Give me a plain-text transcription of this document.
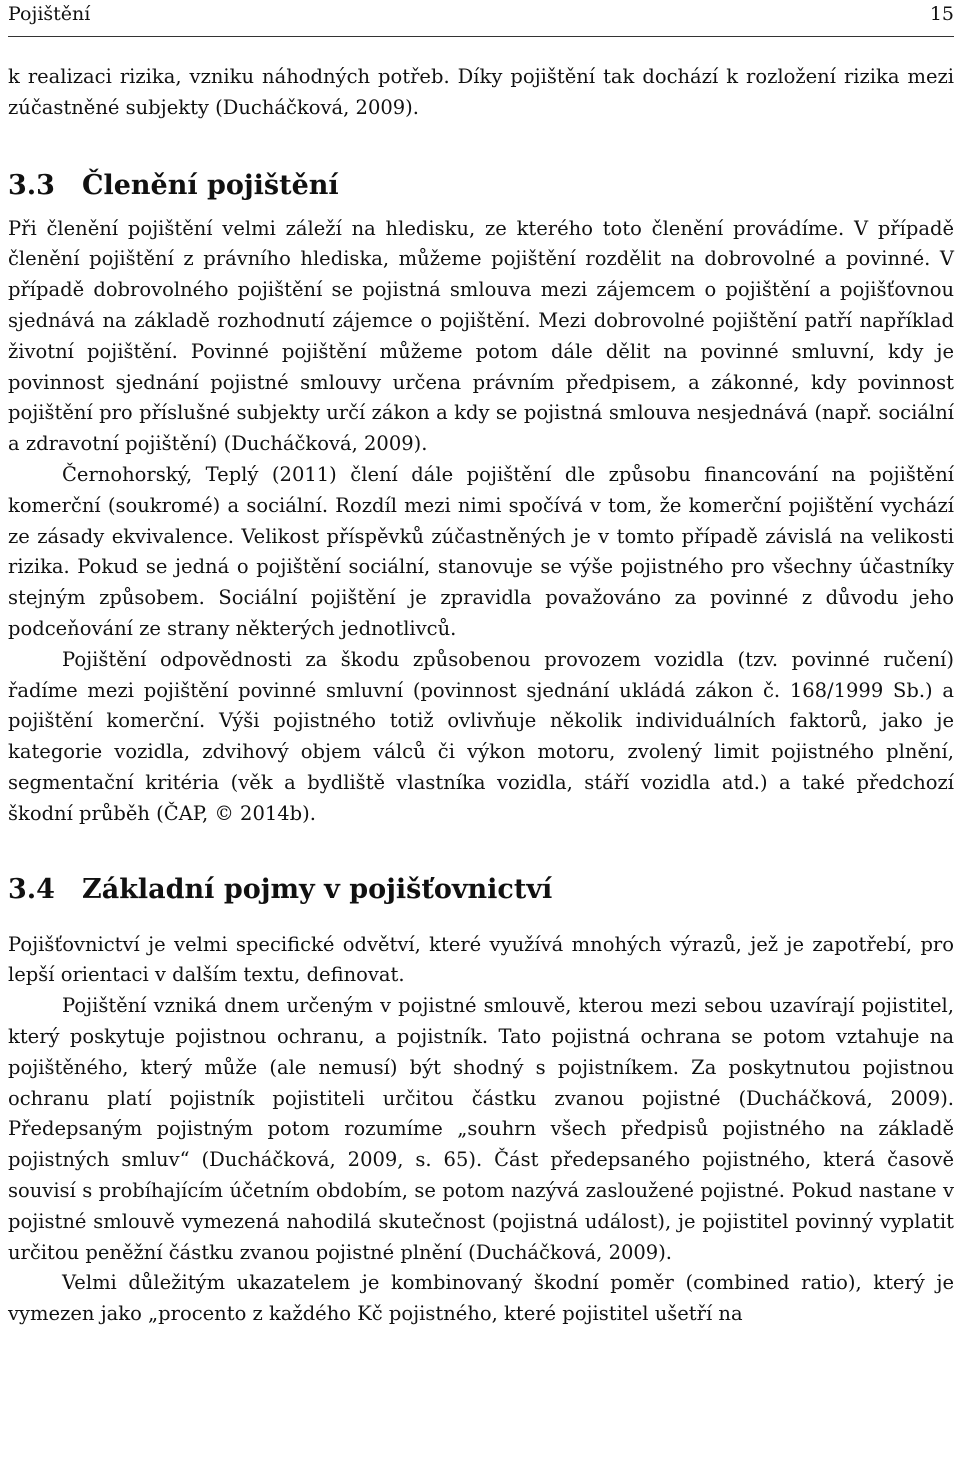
Pojištění	15

k realizaci rizika, vzniku náhodných potřeb. Díky pojištění tak dochází k rozložení rizika mezi zúčastněné subjekty (Ducháčková, 2009).

3.3 Členění pojištění

Při členění pojištění velmi záleží na hledisku, ze kterého toto členění provádíme. V případě členění pojištění z právního hlediska, můžeme pojištění rozdělit na dobrovolné a povinné. V případě dobrovolného pojištění se pojistná smlouva mezi zájemcem o pojištění a pojišťovnou sjednává na základě rozhodnutí zájemce o pojištění. Mezi dobrovolné pojištění patří například životní pojištění. Povinné pojištění můžeme potom dále dělit na povinné smluvní, kdy je povinnost sjednání pojistné smlouvy určena právním předpisem, a zákonné, kdy povinnost pojištění pro příslušné subjekty určí zákon a kdy se pojistná smlouva nesjednává (např. sociální a zdravotní pojištění) (Ducháčková, 2009).

Černohorský, Teplý (2011) člení dále pojištění dle způsobu financování na pojištění komerční (soukromé) a sociální. Rozdíl mezi nimi spočívá v tom, že komerční pojištění vychází ze zásady ekvivalence. Velikost příspěvků zúčastněných je v tomto případě závislá na velikosti rizika. Pokud se jedná o pojištění sociální, stanovuje se výše pojistného pro všechny účastníky stejným způsobem. Sociální pojištění je zpravidla považováno za povinné z důvodu jeho podceňování ze strany některých jednotlivců.

Pojištění odpovědnosti za škodu způsobenou provozem vozidla (tzv. povinné ručení) řadíme mezi pojištění povinné smluvní (povinnost sjednání ukládá zákon č. 168/1999 Sb.) a pojištění komerční. Výši pojistného totiž ovlivňuje několik individuálních faktorů, jako je kategorie vozidla, zdvihový objem válců či výkon motoru, zvolený limit pojistného plnění, segmentační kritéria (věk a bydliště vlastníka vozidla, stáří vozidla atd.) a také předchozí škodní průběh (ČAP, © 2014b).

3.4 Základní pojmy v pojišťovnictví

Pojišťovnictví je velmi specifické odvětví, které využívá mnohých výrazů, jež je zapotřebí, pro lepší orientaci v dalším textu, definovat.

Pojištění vzniká dnem určeným v pojistné smlouvě, kterou mezi sebou uzavírají pojistitel, který poskytuje pojistnou ochranu, a pojistník. Tato pojistná ochrana se potom vztahuje na pojištěného, který může (ale nemusí) být shodný s pojistníkem. Za poskytnutou pojistnou ochranu platí pojistník pojistiteli určitou částku zvanou pojistné (Ducháčková, 2009). Předepsaným pojistným potom rozumíme „souhrn všech předpisů pojistného na základě pojistných smluv“ (Ducháčková, 2009, s. 65). Část předepsaného pojistného, která časově souvisí s probíhajícím účetním obdobím, se potom nazývá zasloužené pojistné. Pokud nastane v pojistné smlouvě vymezená nahodilá skutečnost (pojistná událost), je pojistitel povinný vyplatit určitou peněžní částku zvanou pojistné plnění (Ducháčková, 2009).

Velmi důležitým ukazatelem je kombinovaný škodní poměr (combined ratio), který je vymezen jako „procento z každého Kč pojistného, které pojistitel ušetří na
